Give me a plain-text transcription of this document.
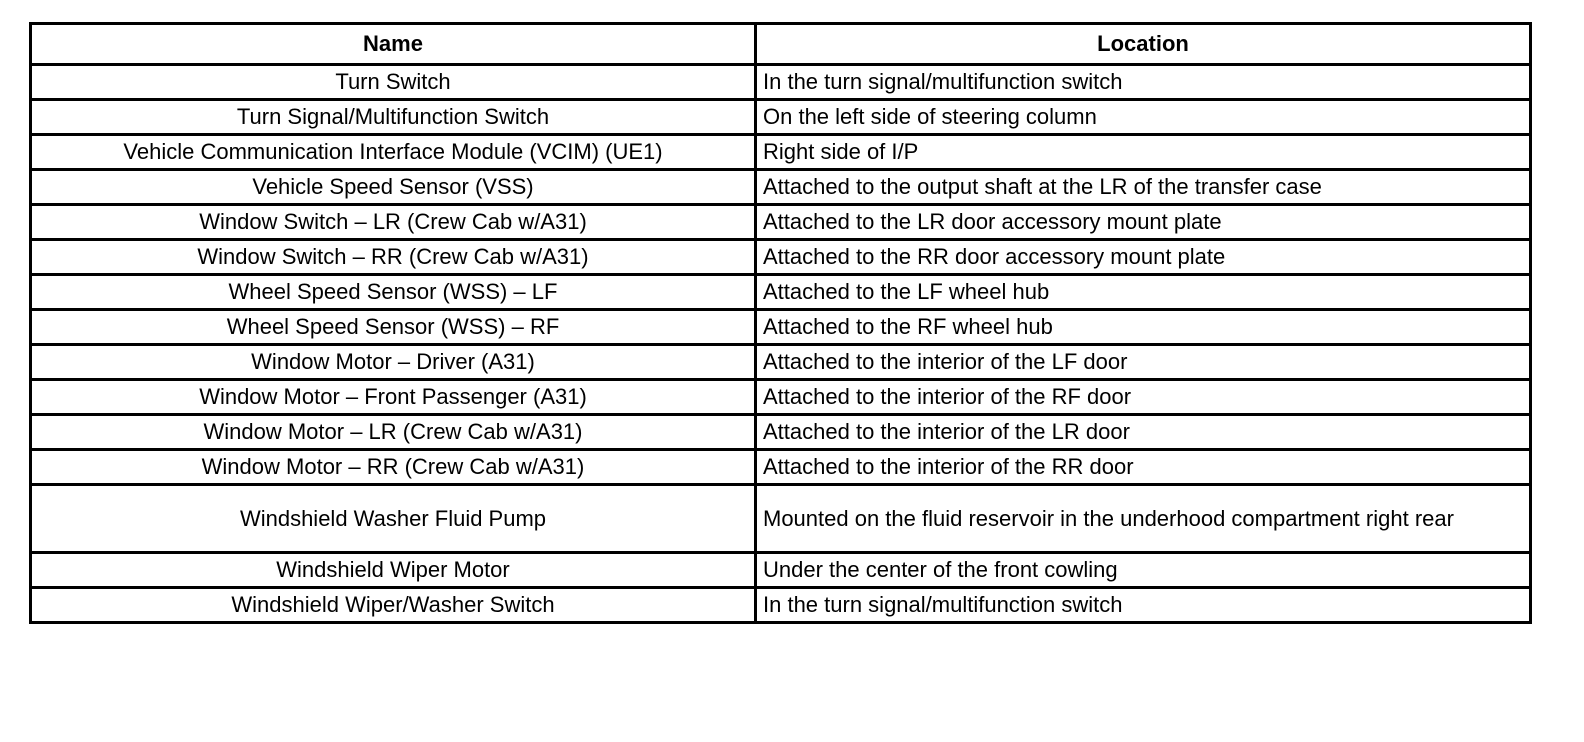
Name	Location
Turn Switch	In the turn signal/multifunction switch
Turn Signal/Multifunction Switch	On the left side of steering column
Vehicle Communication Interface Module (VCIM) (UE1)	Right side of I/P
Vehicle Speed Sensor (VSS)	Attached to the output shaft at the LR of the transfer case
Window Switch – LR (Crew Cab w/A31)	Attached to the LR door accessory mount plate
Window Switch – RR (Crew Cab w/A31)	Attached to the RR door accessory mount plate
Wheel Speed Sensor (WSS) – LF	Attached to the LF wheel hub
Wheel Speed Sensor (WSS) – RF	Attached to the RF wheel hub
Window Motor – Driver (A31)	Attached to the interior of the LF door
Window Motor – Front Passenger (A31)	Attached to the interior of the RF door
Window Motor – LR (Crew Cab w/A31)	Attached to the interior of the LR door
Window Motor – RR (Crew Cab w/A31)	Attached to the interior of the RR door
Windshield Washer Fluid Pump	Mounted on the fluid reservoir in the underhood compartment right rear
Windshield Wiper Motor	Under the center of the front cowling
Windshield Wiper/Washer Switch	In the turn signal/multifunction switch
